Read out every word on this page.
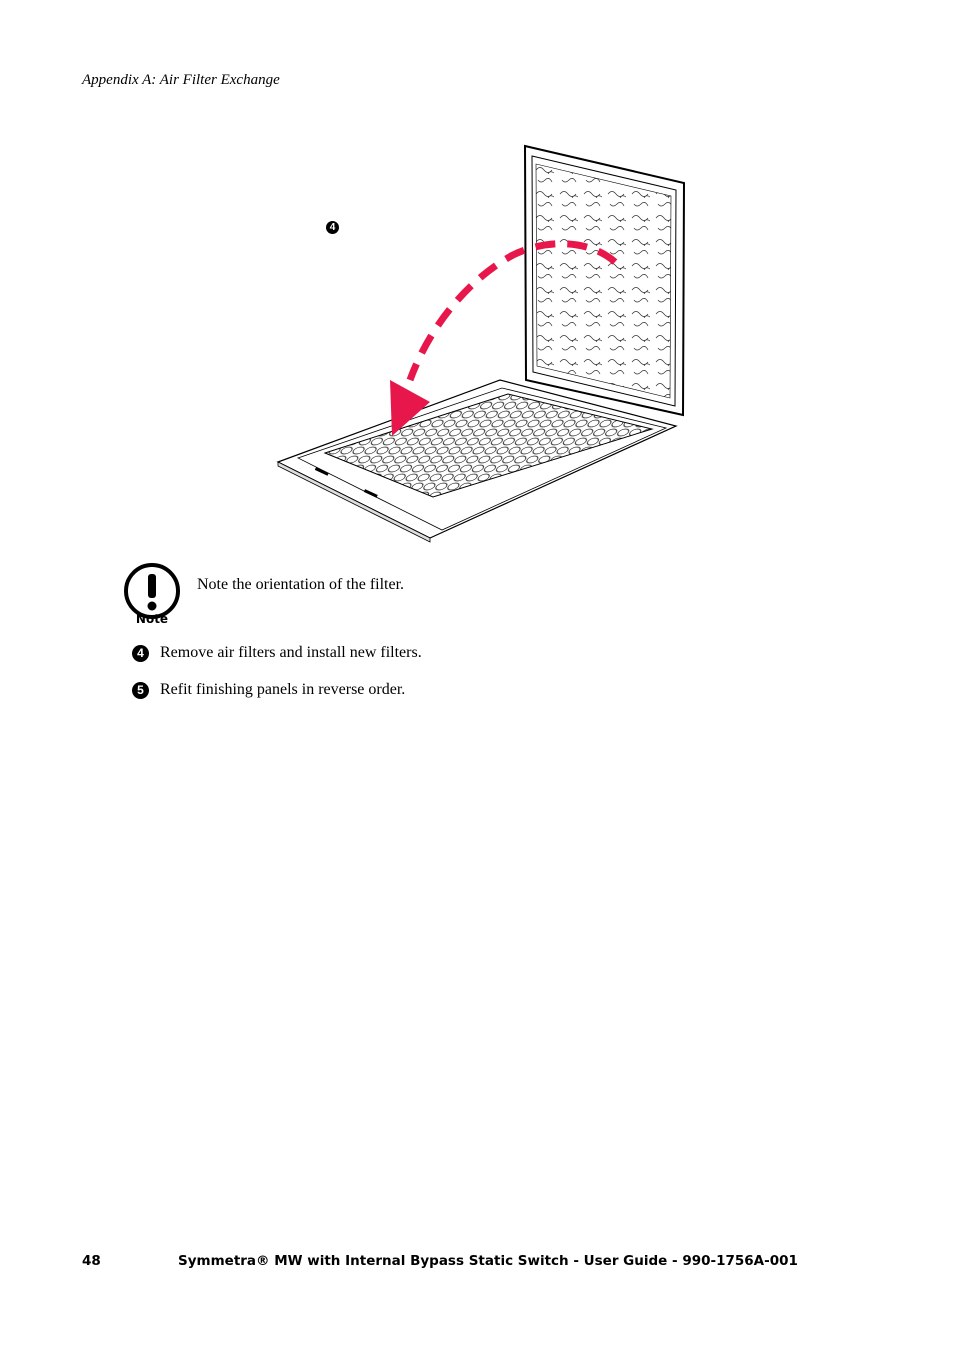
Appendix A: Air Filter Exchange
4
Note
Note the orientation of the filter.
4	Remove air filters and install new filters.
5	Refit finishing panels in reverse order.
48	Symmetra® MW with Internal Bypass Static Switch - User Guide - 990-1756A-001
